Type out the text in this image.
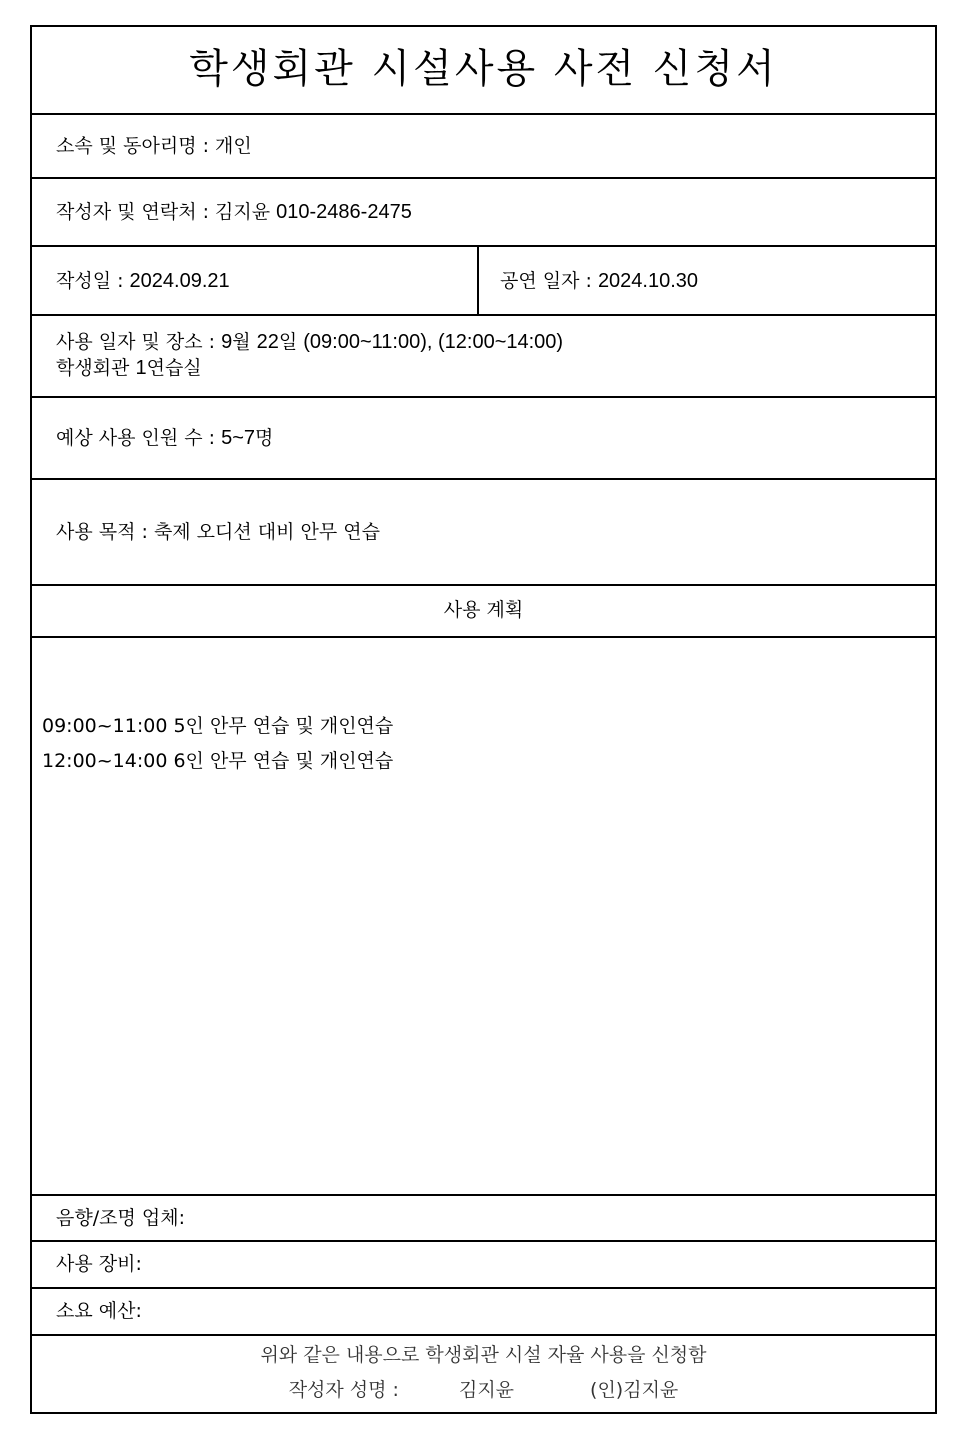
학생회관 시설사용 사전 신청서
소속 및 동아리명 : 개인
작성자 및 연락처 : 김지윤 010-2486-2475
작성일 : 2024.09.21	공연 일자 : 2024.10.30
사용 일자 및 장소 : 9월 22일 (09:00~11:00), (12:00~14:00)
학생회관 1연습실
예상 사용 인원 수 : 5~7명
사용 목적 : 축제 오디션 대비 안무 연습
사용 계획
09:00~11:00 5인 안무 연습 및 개인연습
12:00~14:00 6인 안무 연습 및 개인연습
음향/조명 업체:
사용 장비:
소요 예산:
위와 같은 내용으로 학생회관 시설 자율 사용을 신청함
작성자 성명 :	김지윤	(인)김지윤
